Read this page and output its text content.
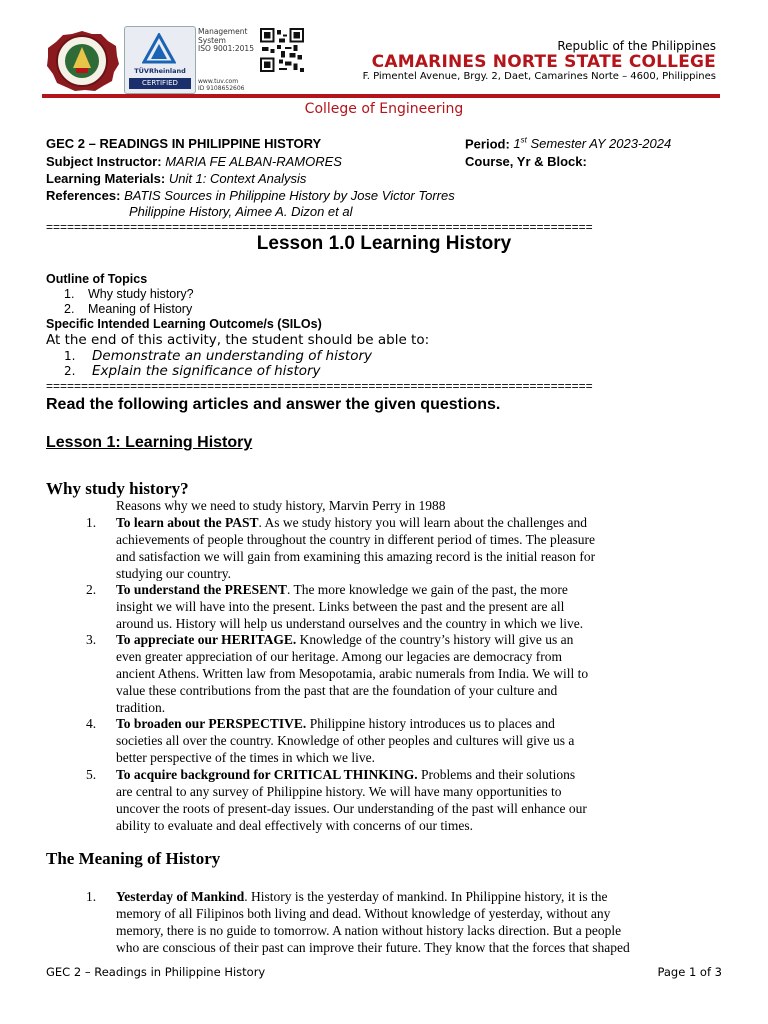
TÜVRheinland
CERTIFIED
Management
System
ISO 9001:2015
www.tuv.com
ID 9108652606
Republic of the Philippines
CAMARINES NORTE STATE COLLEGE
F. Pimentel Avenue, Brgy. 2, Daet, Camarines Norte – 4600, Philippines
College of Engineering
GEC 2 – READINGS IN PHILIPPINE HISTORY	Period: 1st Semester AY 2023-2024
Subject Instructor: MARIA FE ALBAN-RAMORES	Course, Yr & Block:
Learning Materials: Unit 1: Context Analysis
References: BATIS Sources in Philippine History by Jose Victor Torres
Philippine History, Aimee A. Dizon et al
==============================================================================
Lesson 1.0 Learning History
Outline of Topics
1. Why study history?
2. Meaning of History
Specific Intended Learning Outcome/s (SILOs)
At the end of this activity, the student should be able to:
1. Demonstrate an understanding of history
2. Explain the significance of history
==============================================================================
Read the following articles and answer the given questions.
Lesson 1: Learning History
Why study history?
Reasons why we need to study history, Marvin Perry in 1988
1. To learn about the PAST. As we study history you will learn about the challenges and
achievements of people throughout the country in different period of times. The pleasure
and satisfaction we will gain from examining this amazing record is the initial reason for
studying our country.
2. To understand the PRESENT. The more knowledge we gain of the past, the more
insight we will have into the present. Links between the past and the present are all
around us. History will help us understand ourselves and the country in which we live.
3. To appreciate our HERITAGE. Knowledge of the country’s history will give us an
even greater appreciation of our heritage. Among our legacies are democracy from
ancient Athens. Written law from Mesopotamia, arabic numerals from India. We will to
value these contributions from the past that are the foundation of your culture and
tradition.
4. To broaden our PERSPECTIVE. Philippine history introduces us to places and
societies all over the country. Knowledge of other peoples and cultures will give us a
better perspective of the times in which we live.
5. To acquire background for CRITICAL THINKING. Problems and their solutions
are central to any survey of Philippine history. We will have many opportunities to
uncover the roots of present-day issues. Our understanding of the past will enhance our
ability to evaluate and deal effectively with concerns of our times.
The Meaning of History
1. Yesterday of Mankind. History is the yesterday of mankind. In Philippine history, it is the
memory of all Filipinos both living and dead. Without knowledge of yesterday, without any
memory, there is no guide to tomorrow. A nation without history lacks direction. But a people
who are conscious of their past can improve their future. They know that the forces that shaped
GEC 2 – Readings in Philippine History	Page 1 of 3
